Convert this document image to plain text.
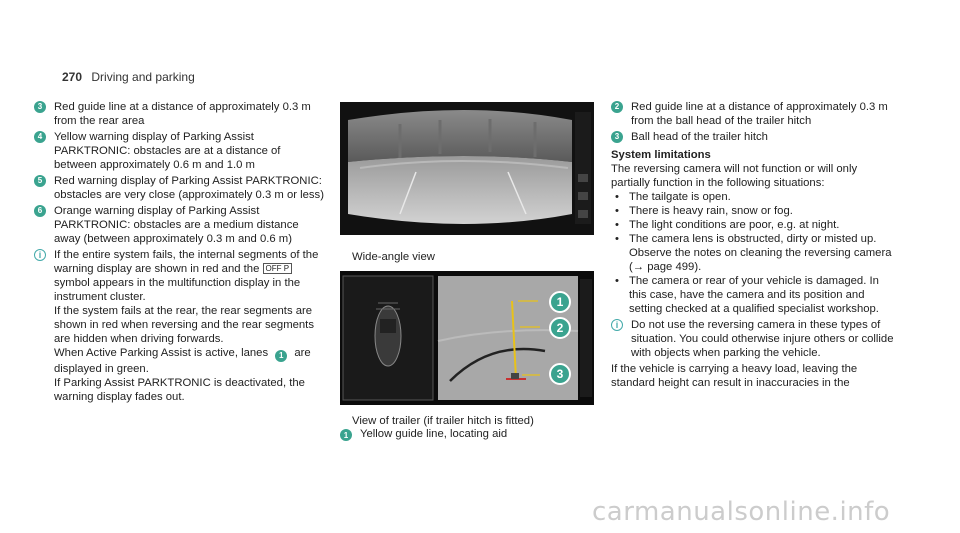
270 Driving and parking
3	Red guide line at a distance of approximately 0.3 m from the rear area
4	Yellow warning display of Parking Assist PARKTRONIC: obstacles are at a distance of between approximately 0.6 m and 1.0 m
5	Red warning display of Parking Assist PARKTRONIC: obstacles are very close (approximately 0.3 m or less)
6	Orange warning display of Parking Assist PARKTRONIC: obstacles are a medium distance away (between approximately 0.3 m and 0.6 m)
i	If the entire system fails, the internal segments of the warning display are shown in red and the OFF P symbol appears in the multifunction display in the instrument cluster.
If the system fails at the rear, the rear segments are shown in red when reversing and the rear segments are hidden when driving forwards.
When Active Parking Assist is active, lanes 1 are displayed in green.
If Parking Assist PARKTRONIC is deactivated, the warning display fades out.
Wide-angle view
1
2
3
View of trailer (if trailer hitch is fitted)
1	Yellow guide line, locating aid
2	Red guide line at a distance of approximately 0.3 m from the ball head of the trailer hitch
3	Ball head of the trailer hitch
System limitations
The reversing camera will not function or will only partially function in the following situations:
• The tailgate is open.
• There is heavy rain, snow or fog.
• The light conditions are poor, e.g. at night.
• The camera lens is obstructed, dirty or misted up. Observe the notes on cleaning the reversing camera (→ page 499).
• The camera or rear of your vehicle is damaged. In this case, have the camera and its position and setting checked at a qualified specialist workshop.
i	Do not use the reversing camera in these types of situation. You could otherwise injure others or collide with objects when parking the vehicle.
If the vehicle is carrying a heavy load, leaving the standard height can result in inaccuracies in the
carmanualsonline.info
